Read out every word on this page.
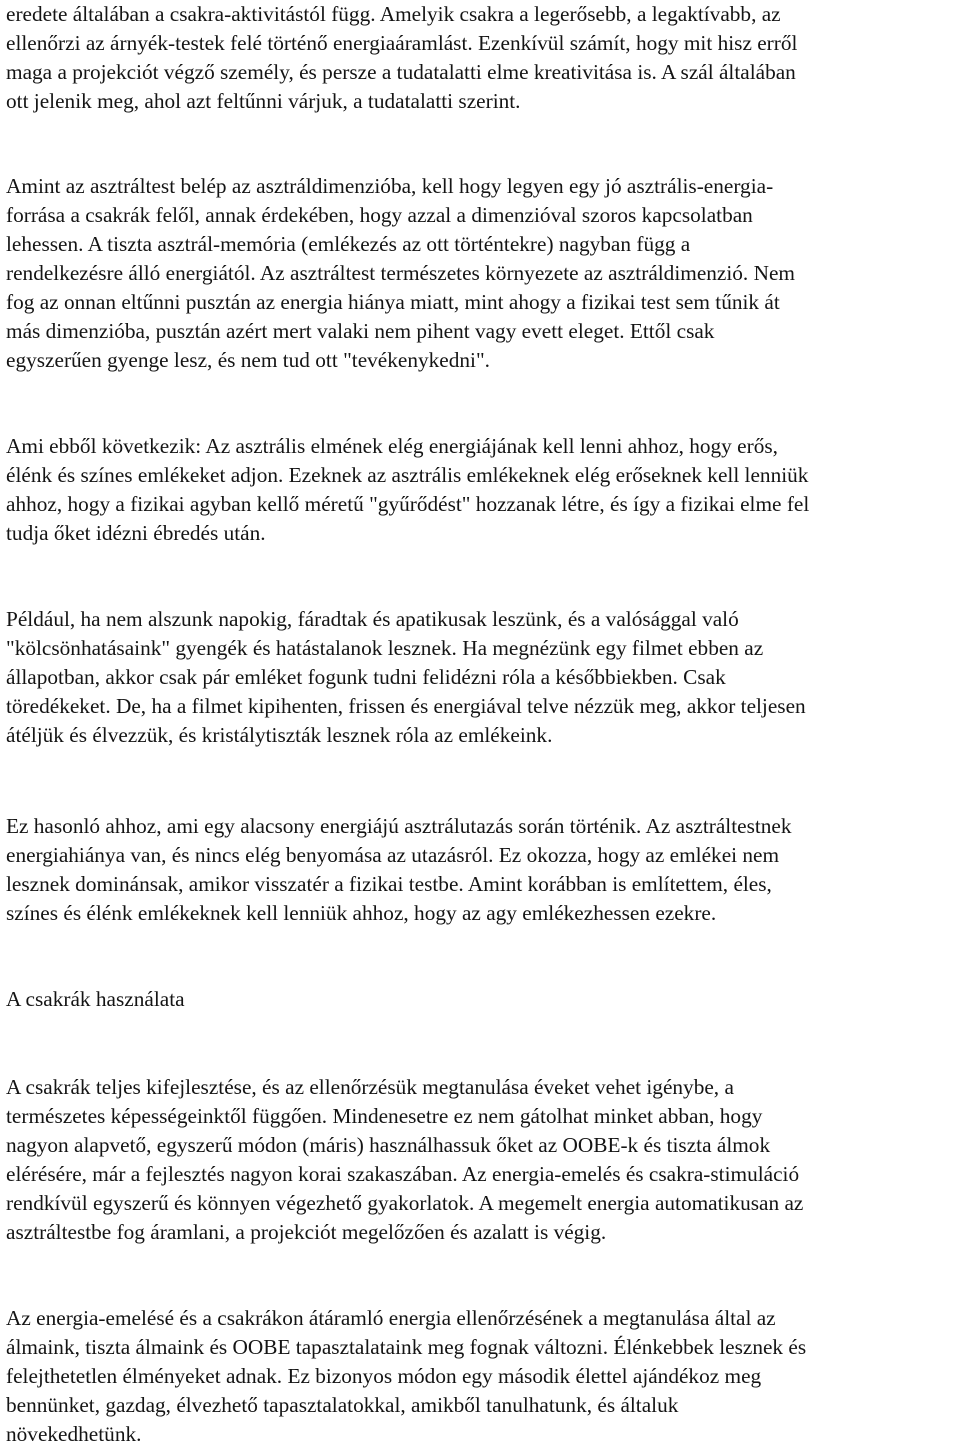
eredete általában a csakra-aktivitástól függ. Amelyik csakra a legerősebb, a legaktívabb, az

ellenőrzi az árnyék-testek felé történő energiaáramlást. Ezenkívül számít, hogy mit hisz erről

maga a projekciót végző személy, és persze a tudatalatti elme kreativitása is. A szál általában

ott jelenik meg, ahol azt feltűnni várjuk, a tudatalatti szerint.

Amint az asztráltest belép az asztráldimenzióba, kell hogy legyen egy jó asztrális-energia-

forrása a csakrák felől, annak érdekében, hogy azzal a dimenzióval szoros kapcsolatban

lehessen. A tiszta asztrál-memória (emlékezés az ott történtekre) nagyban függ a

rendelkezésre álló energiától. Az asztráltest természetes környezete az asztráldimenzió. Nem

fog az onnan eltűnni pusztán az energia hiánya miatt, mint ahogy a fizikai test sem tűnik át

más dimenzióba, pusztán azért mert valaki nem pihent vagy evett eleget. Ettől csak

egyszerűen gyenge lesz, és nem tud ott "tevékenykedni".

Ami ebből következik: Az asztrális elmének elég energiájának kell lenni ahhoz, hogy erős,

élénk és színes emlékeket adjon. Ezeknek az asztrális emlékeknek elég erőseknek kell lenniük

ahhoz, hogy a fizikai agyban kellő méretű "gyűrődést" hozzanak létre, és így a fizikai elme fel

tudja őket idézni ébredés után.

Például, ha nem alszunk napokig, fáradtak és apatikusak leszünk, és a valósággal való

"kölcsönhatásaink" gyengék és hatástalanok lesznek. Ha megnézünk egy filmet ebben az

állapotban, akkor csak pár emléket fogunk tudni felidézni róla a későbbiekben. Csak

töredékeket. De, ha a filmet kipihenten, frissen és energiával telve nézzük meg, akkor teljesen

átéljük és élvezzük, és kristálytiszták lesznek róla az emlékeink.

Ez hasonló ahhoz, ami egy alacsony energiájú asztrálutazás során történik. Az asztráltestnek

energiahiánya van, és nincs elég benyomása az utazásról. Ez okozza, hogy az emlékei nem

lesznek dominánsak, amikor visszatér a fizikai testbe. Amint korábban is említettem, éles,

színes és élénk emlékeknek kell lenniük ahhoz, hogy az agy emlékezhessen ezekre.

A csakrák használata

A csakrák teljes kifejlesztése, és az ellenőrzésük megtanulása éveket vehet igénybe, a

természetes képességeinktől függően. Mindenesetre ez nem gátolhat minket abban, hogy

nagyon alapvető, egyszerű módon (máris) használhassuk őket az OOBE-k és tiszta álmok

elérésére, már a fejlesztés nagyon korai szakaszában. Az energia-emelés és csakra-stimuláció

rendkívül egyszerű és könnyen végezhető gyakorlatok. A megemelt energia automatikusan az

asztráltestbe fog áramlani, a projekciót megelőzően és azalatt is végig.

Az energia-emelésé és a csakrákon átáramló energia ellenőrzésének a megtanulása által az

álmaink, tiszta álmaink és OOBE tapasztalataink meg fognak változni. Élénkebbek lesznek és

felejthetetlen élményeket adnak. Ez bizonyos módon egy második élettel ajándékoz meg

bennünket, gazdag, élvezhető tapasztalatokkal, amikből tanulhatunk, és általuk

növekedhetünk.
